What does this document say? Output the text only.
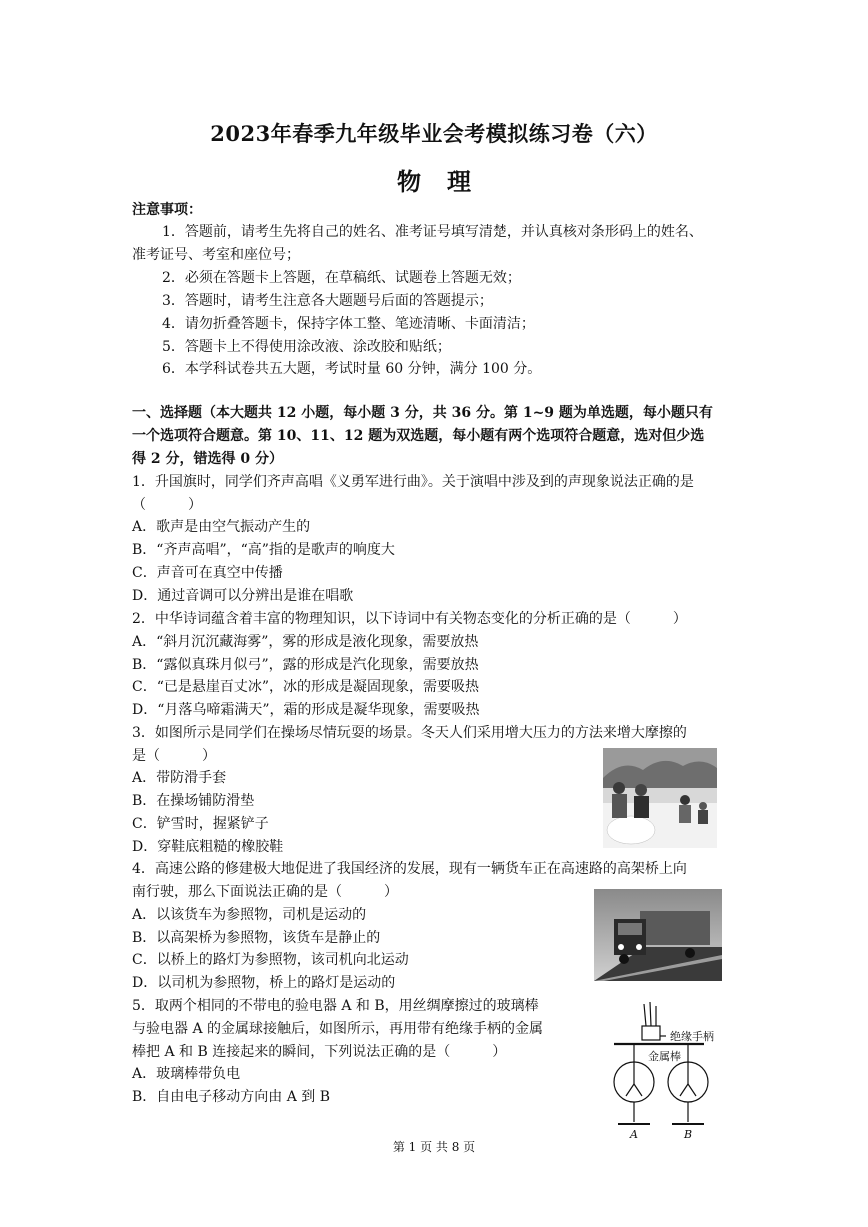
2023年春季九年级毕业会考模拟练习卷（六）
物理
注意事项：
1．答题前，请考生先将自己的姓名、准考证号填写清楚，并认真核对条形码上的姓名、
准考证号、考室和座位号；
2．必须在答题卡上答题，在草稿纸、试题卷上答题无效；
3．答题时，请考生注意各大题题号后面的答题提示；
4．请勿折叠答题卡，保持字体工整、笔迹清晰、卡面清洁；
5．答题卡上不得使用涂改液、涂改胶和贴纸；
6．本学科试卷共五大题，考试时量 60 分钟，满分 100 分。
一、选择题（本大题共 12 小题，每小题 3 分，共 36 分。第 1~9 题为单选题，每小题只有
一个选项符合题意。第 10、11、12 题为双选题，每小题有两个选项符合题意，选对但少选
得 2 分，错选得 0 分）
1．升国旗时，同学们齐声高唱《义勇军进行曲》。关于演唱中涉及到的声现象说法正确的是
（　　　）
A．歌声是由空气振动产生的
B．“齐声高唱”，“高”指的是歌声的响度大
C．声音可在真空中传播
D．通过音调可以分辨出是谁在唱歌
2．中华诗词蕴含着丰富的物理知识，以下诗词中有关物态变化的分析正确的是（　　　）
A．“斜月沉沉藏海雾”，雾的形成是液化现象，需要放热
B．“露似真珠月似弓”，露的形成是汽化现象，需要放热
C．“已是悬崖百丈冰”，冰的形成是凝固现象，需要吸热
D．“月落乌啼霜满天”，霜的形成是凝华现象，需要吸热
3．如图所示是同学们在操场尽情玩耍的场景。冬天人们采用增大压力的方法来增大摩擦的
是（　　　）
A．带防滑手套
B．在操场铺防滑垫
C．铲雪时，握紧铲子
D．穿鞋底粗糙的橡胶鞋
4．高速公路的修建极大地促进了我国经济的发展，现有一辆货车正在高速路的高架桥上向
南行驶，那么下面说法正确的是（　　　）
A．以该货车为参照物，司机是运动的
B．以高架桥为参照物，该货车是静止的
C．以桥上的路灯为参照物，该司机向北运动
D．以司机为参照物，桥上的路灯是运动的
5．取两个相同的不带电的验电器 A 和 B，用丝绸摩擦过的玻璃棒
与验电器 A 的金属球接触后，如图所示，再用带有绝缘手柄的金属
棒把 A 和 B 连接起来的瞬间，下列说法正确的是（　　　）
A．玻璃棒带负电
B．自由电子移动方向由 A 到 B
绝缘手柄
金属棒
A	B
第 1 页 共 8 页
